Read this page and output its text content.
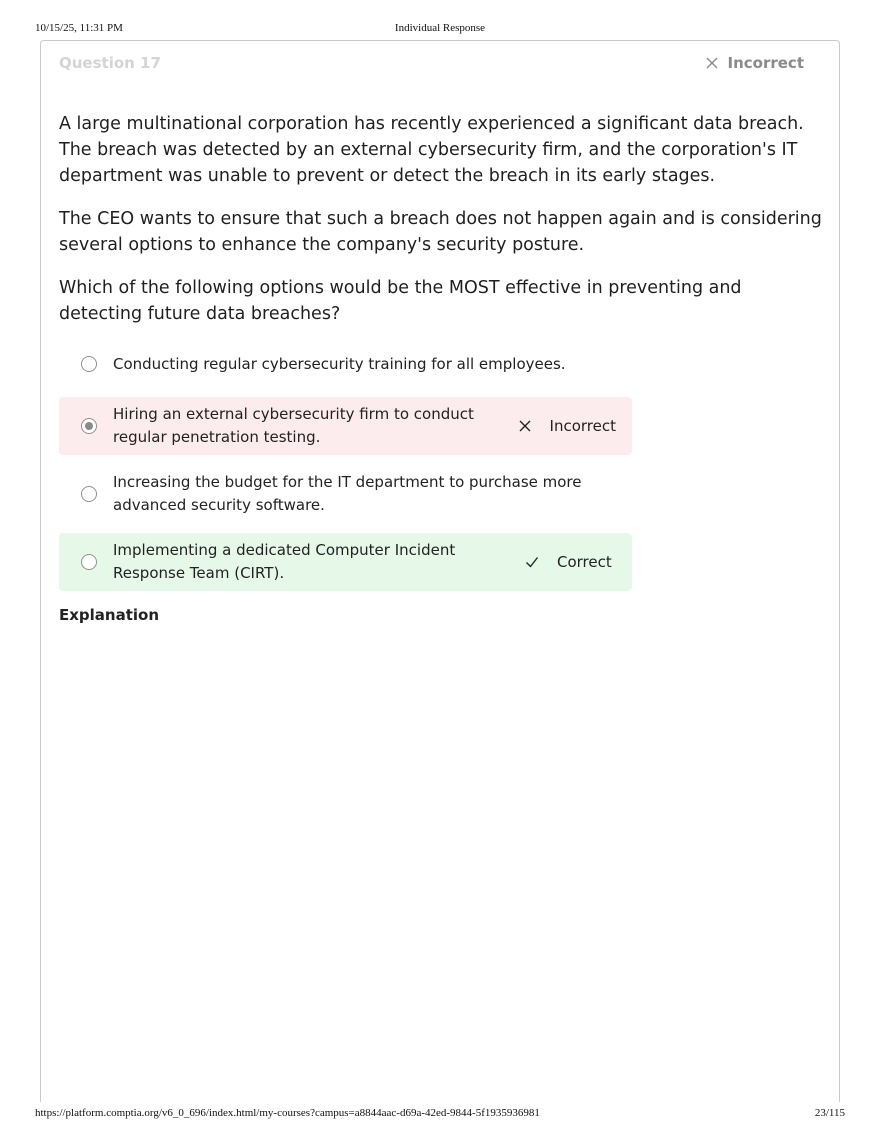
10/15/25, 11:31 PM	Individual Response
Question 17	Incorrect

A large multinational corporation has recently experienced a significant data breach. The breach was detected by an external cybersecurity firm, and the corporation's IT department was unable to prevent or detect the breach in its early stages.

The CEO wants to ensure that such a breach does not happen again and is considering several options to enhance the company's security posture.

Which of the following options would be the MOST effective in preventing and detecting future data breaches?

Conducting regular cybersecurity training for all employees.
Hiring an external cybersecurity firm to conduct regular penetration testing.
Incorrect
Increasing the budget for the IT department to purchase more advanced security software.
Implementing a dedicated Computer Incident Response Team (CIRT).
Correct
Explanation
https://platform.comptia.org/v6_0_696/index.html/my-courses?campus=a8844aac-d69a-42ed-9844-5f1935936981	23/115
